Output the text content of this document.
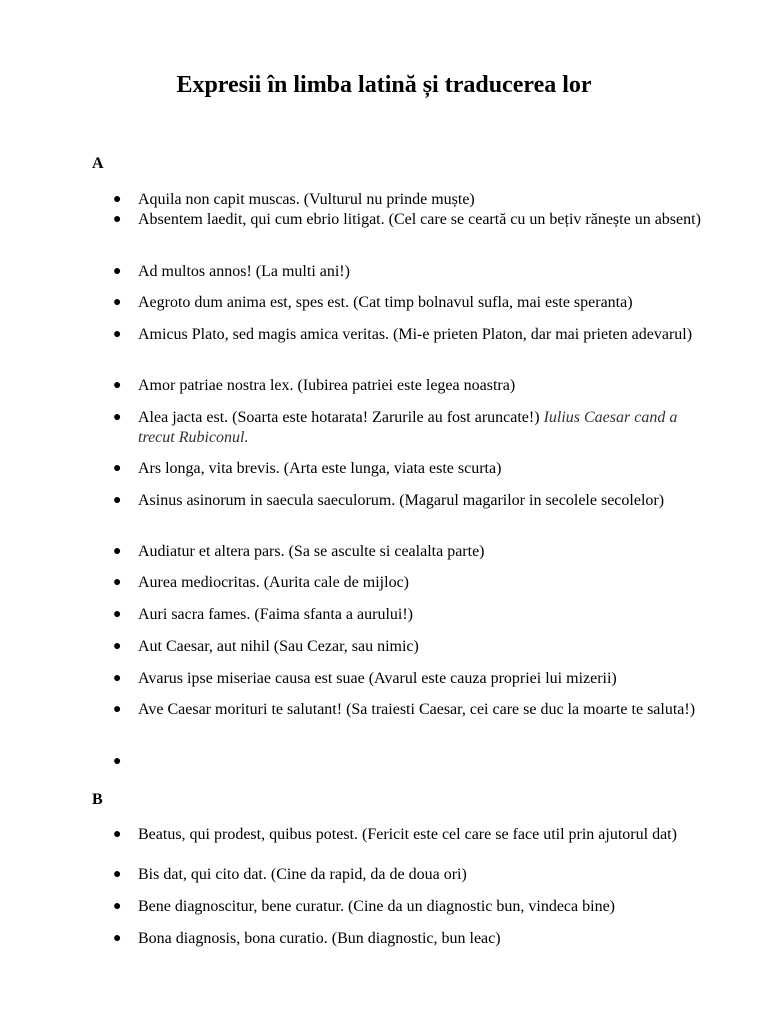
Expresii în limba latină și traducerea lor
A
● Aquila non capit muscas. (Vulturul nu prinde muște)
● Absentem laedit, qui cum ebrio litigat. (Cel care se ceartă cu un bețiv rănește un absent)
● Ad multos annos! (La multi ani!)
● Aegroto dum anima est, spes est. (Cat timp bolnavul sufla, mai este speranta)
● Amicus Plato, sed magis amica veritas. (Mi-e prieten Platon, dar mai prieten adevarul)
● Amor patriae nostra lex. (Iubirea patriei este legea noastra)
● Alea jacta est. (Soarta este hotarata! Zarurile au fost aruncate!) Iulius Caesar cand a trecut Rubiconul.
● Ars longa, vita brevis. (Arta este lunga, viata este scurta)
● Asinus asinorum in saecula saeculorum. (Magarul magarilor in secolele secolelor)
● Audiatur et altera pars. (Sa se asculte si cealalta parte)
● Aurea mediocritas. (Aurita cale de mijloc)
● Auri sacra fames. (Faima sfanta a aurului!)
● Aut Caesar, aut nihil (Sau Cezar, sau nimic)
● Avarus ipse miseriae causa est suae (Avarul este cauza propriei lui mizerii)
● Ave Caesar morituri te salutant! (Sa traiesti Caesar, cei care se duc la moarte te saluta!)
●
B
● Beatus, qui prodest, quibus potest. (Fericit este cel care se face util prin ajutorul dat)
● Bis dat, qui cito dat. (Cine da rapid, da de doua ori)
● Bene diagnoscitur, bene curatur. (Cine da un diagnostic bun, vindeca bine)
● Bona diagnosis, bona curatio. (Bun diagnostic, bun leac)
